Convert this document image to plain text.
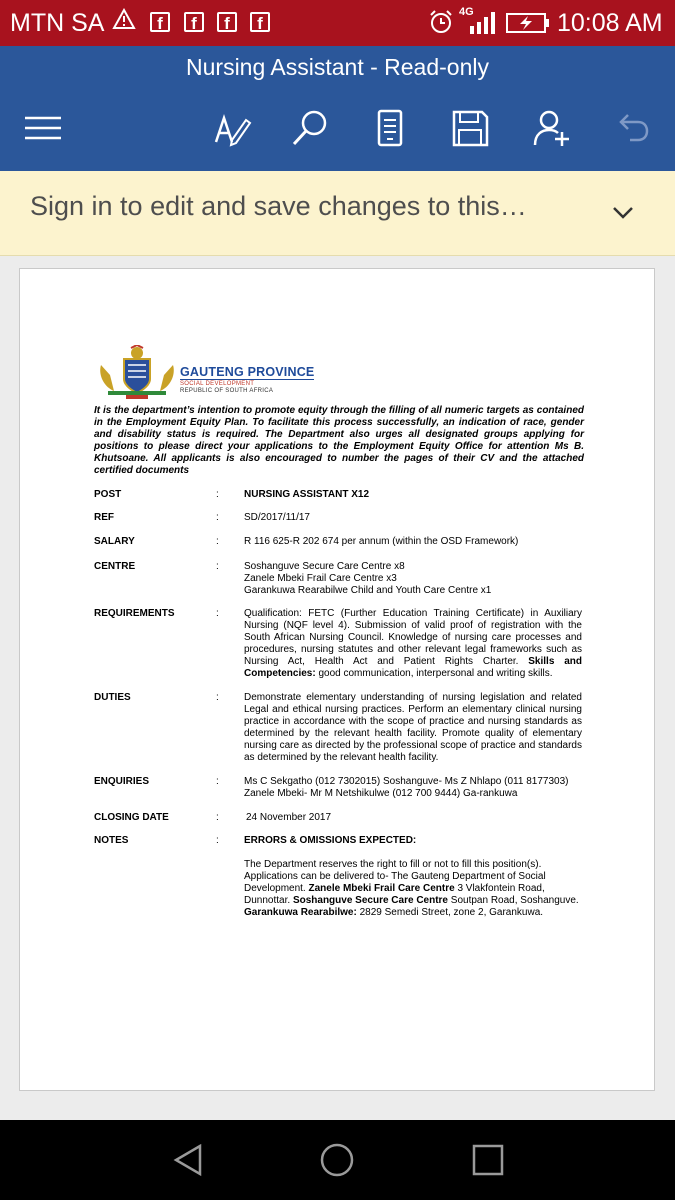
MTN SA	f	f	f	f
4G	10:08 AM
Nursing Assistant - Read-only
Sign in to edit and save changes to this…
GAUTENG PROVINCE
SOCIAL DEVELOPMENT
REPUBLIC OF SOUTH AFRICA
It is the department’s intention to promote equity through the filling of all numeric targets as contained in the Employment Equity Plan. To facilitate this process successfully, an indication of race, gender and disability status is required. The Department also urges all designated groups applying for positions to please direct your applications to the Employment Equity Office for attention Ms B. Khutsoane. All applicants is also encouraged to number the pages of their CV and the attached certified documents
POST	:	NURSING ASSISTANT X12
REF	:	SD/2017/11/17
SALARY	:	R 116 625-R 202 674 per annum (within the OSD Framework)
CENTRE	:	Soshanguve Secure Care Centre x8

Zanele Mbeki Frail Care Centre x3

Garankuwa Rearabilwe Child and Youth Care Centre x1

REQUIREMENTS	:	Qualification: FETC (Further Education Training Certificate) in Auxiliary Nursing (NQF level 4). Submission of valid proof of registration with the South African Nursing Council. Knowledge of nursing care processes and procedures, nursing statutes and other relevant legal frameworks such as Nursing Act, Health Act and Patient Rights Charter. Skills and Competencies: good communication, interpersonal and writing skills.
DUTIES	:	Demonstrate elementary understanding of nursing legislation and related Legal and ethical nursing practices. Perform an elementary clinical nursing practice in accordance with the scope of practice and nursing standards as determined by the relevant health facility. Promote quality of elementary nursing care as directed by the professional scope of practice and standards as determined by the relevant health facility.
ENQUIRIES	:	Ms C Sekgatho (012 7302015) Soshanguve- Ms Z Nhlapo (011 8177303) Zanele Mbeki- Mr M Netshikulwe (012 700 9444) Ga-rankuwa
CLOSING DATE	:	24 November 2017
NOTES	:	ERRORS & OMISSIONS EXPECTED:

The Department reserves the right to fill or not to fill this position(s). Applications can be delivered to- The Gauteng Department of Social Development. Zanele Mbeki Frail Care Centre 3 Vlakfontein Road, Dunnottar. Soshanguve Secure Care Centre Soutpan Road, Soshanguve. Garankuwa Rearabilwe: 2829 Semedi Street, zone 2, Garankuwa.
